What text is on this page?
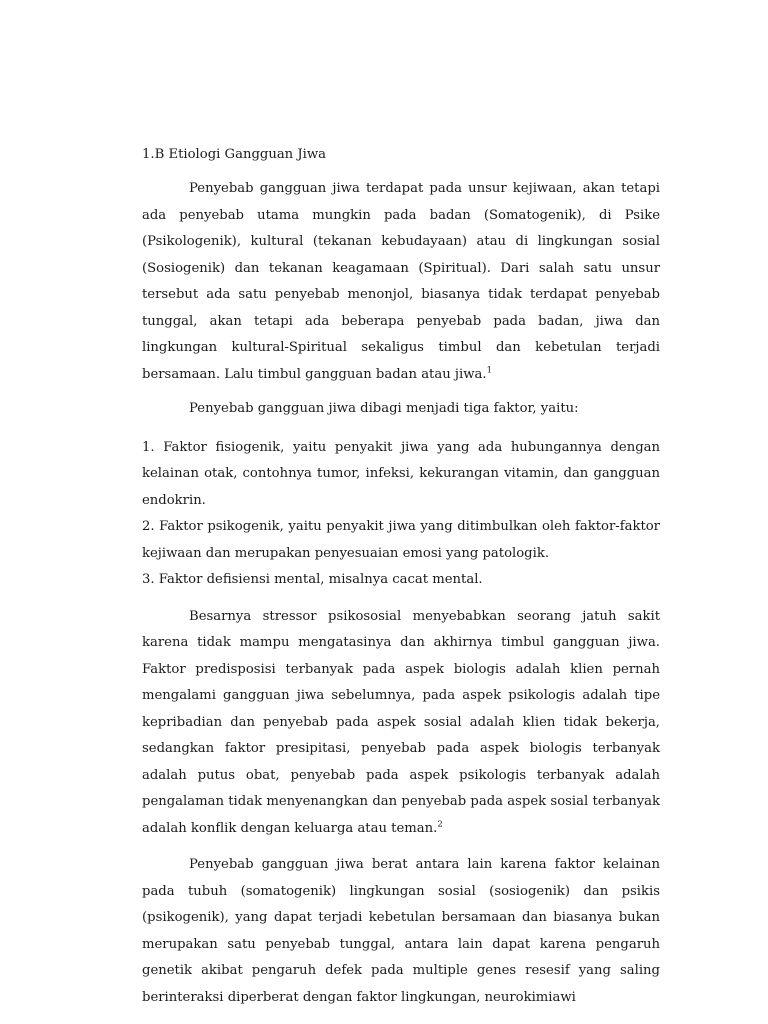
1.B Etiologi Gangguan Jiwa

Penyebab gangguan jiwa terdapat pada unsur kejiwaan, akan tetapi ada penyebab utama mungkin pada badan (Somatogenik), di Psike (Psikologenik), kultural (tekanan kebudayaan) atau di lingkungan sosial (Sosiogenik) dan tekanan keagamaan (Spiritual). Dari salah satu unsur tersebut ada satu penyebab menonjol, biasanya tidak terdapat penyebab tunggal, akan tetapi ada beberapa penyebab pada badan, jiwa dan lingkungan kultural-Spiritual sekaligus timbul dan kebetulan terjadi bersamaan. Lalu timbul gangguan badan atau jiwa.$^1$

Penyebab gangguan jiwa dibagi menjadi tiga faktor, yaitu:

1. Faktor fisiogenik, yaitu penyakit jiwa yang ada hubungannya dengan kelainan otak, contohnya tumor, infeksi, kekurangan vitamin, dan gangguan endokrin.

2. Faktor psikogenik, yaitu penyakit jiwa yang ditimbulkan oleh faktor-faktor kejiwaan dan merupakan penyesuaian emosi yang patologik.

3. Faktor defisiensi mental, misalnya cacat mental.

Besarnya stressor psikososial menyebabkan seorang jatuh sakit karena tidak mampu mengatasinya dan akhirnya timbul gangguan jiwa. Faktor predisposisi terbanyak pada aspek biologis adalah klien pernah mengalami gangguan jiwa sebelumnya, pada aspek psikologis adalah tipe kepribadian dan penyebab pada aspek sosial adalah klien tidak bekerja, sedangkan faktor presipitasi, penyebab pada aspek biologis terbanyak adalah putus obat, penyebab pada aspek psikologis terbanyak adalah pengalaman tidak menyenangkan dan penyebab pada aspek sosial terbanyak adalah konflik dengan keluarga atau teman.$^2$

Penyebab gangguan jiwa berat antara lain karena faktor kelainan pada tubuh (somatogenik) lingkungan sosial (sosiogenik) dan psikis (psikogenik), yang dapat terjadi kebetulan bersamaan dan biasanya bukan merupakan satu penyebab tunggal, antara lain dapat karena pengaruh genetik akibat pengaruh defek pada multiple genes resesif yang saling berinteraksi diperberat dengan faktor lingkungan, neurokimiawi
